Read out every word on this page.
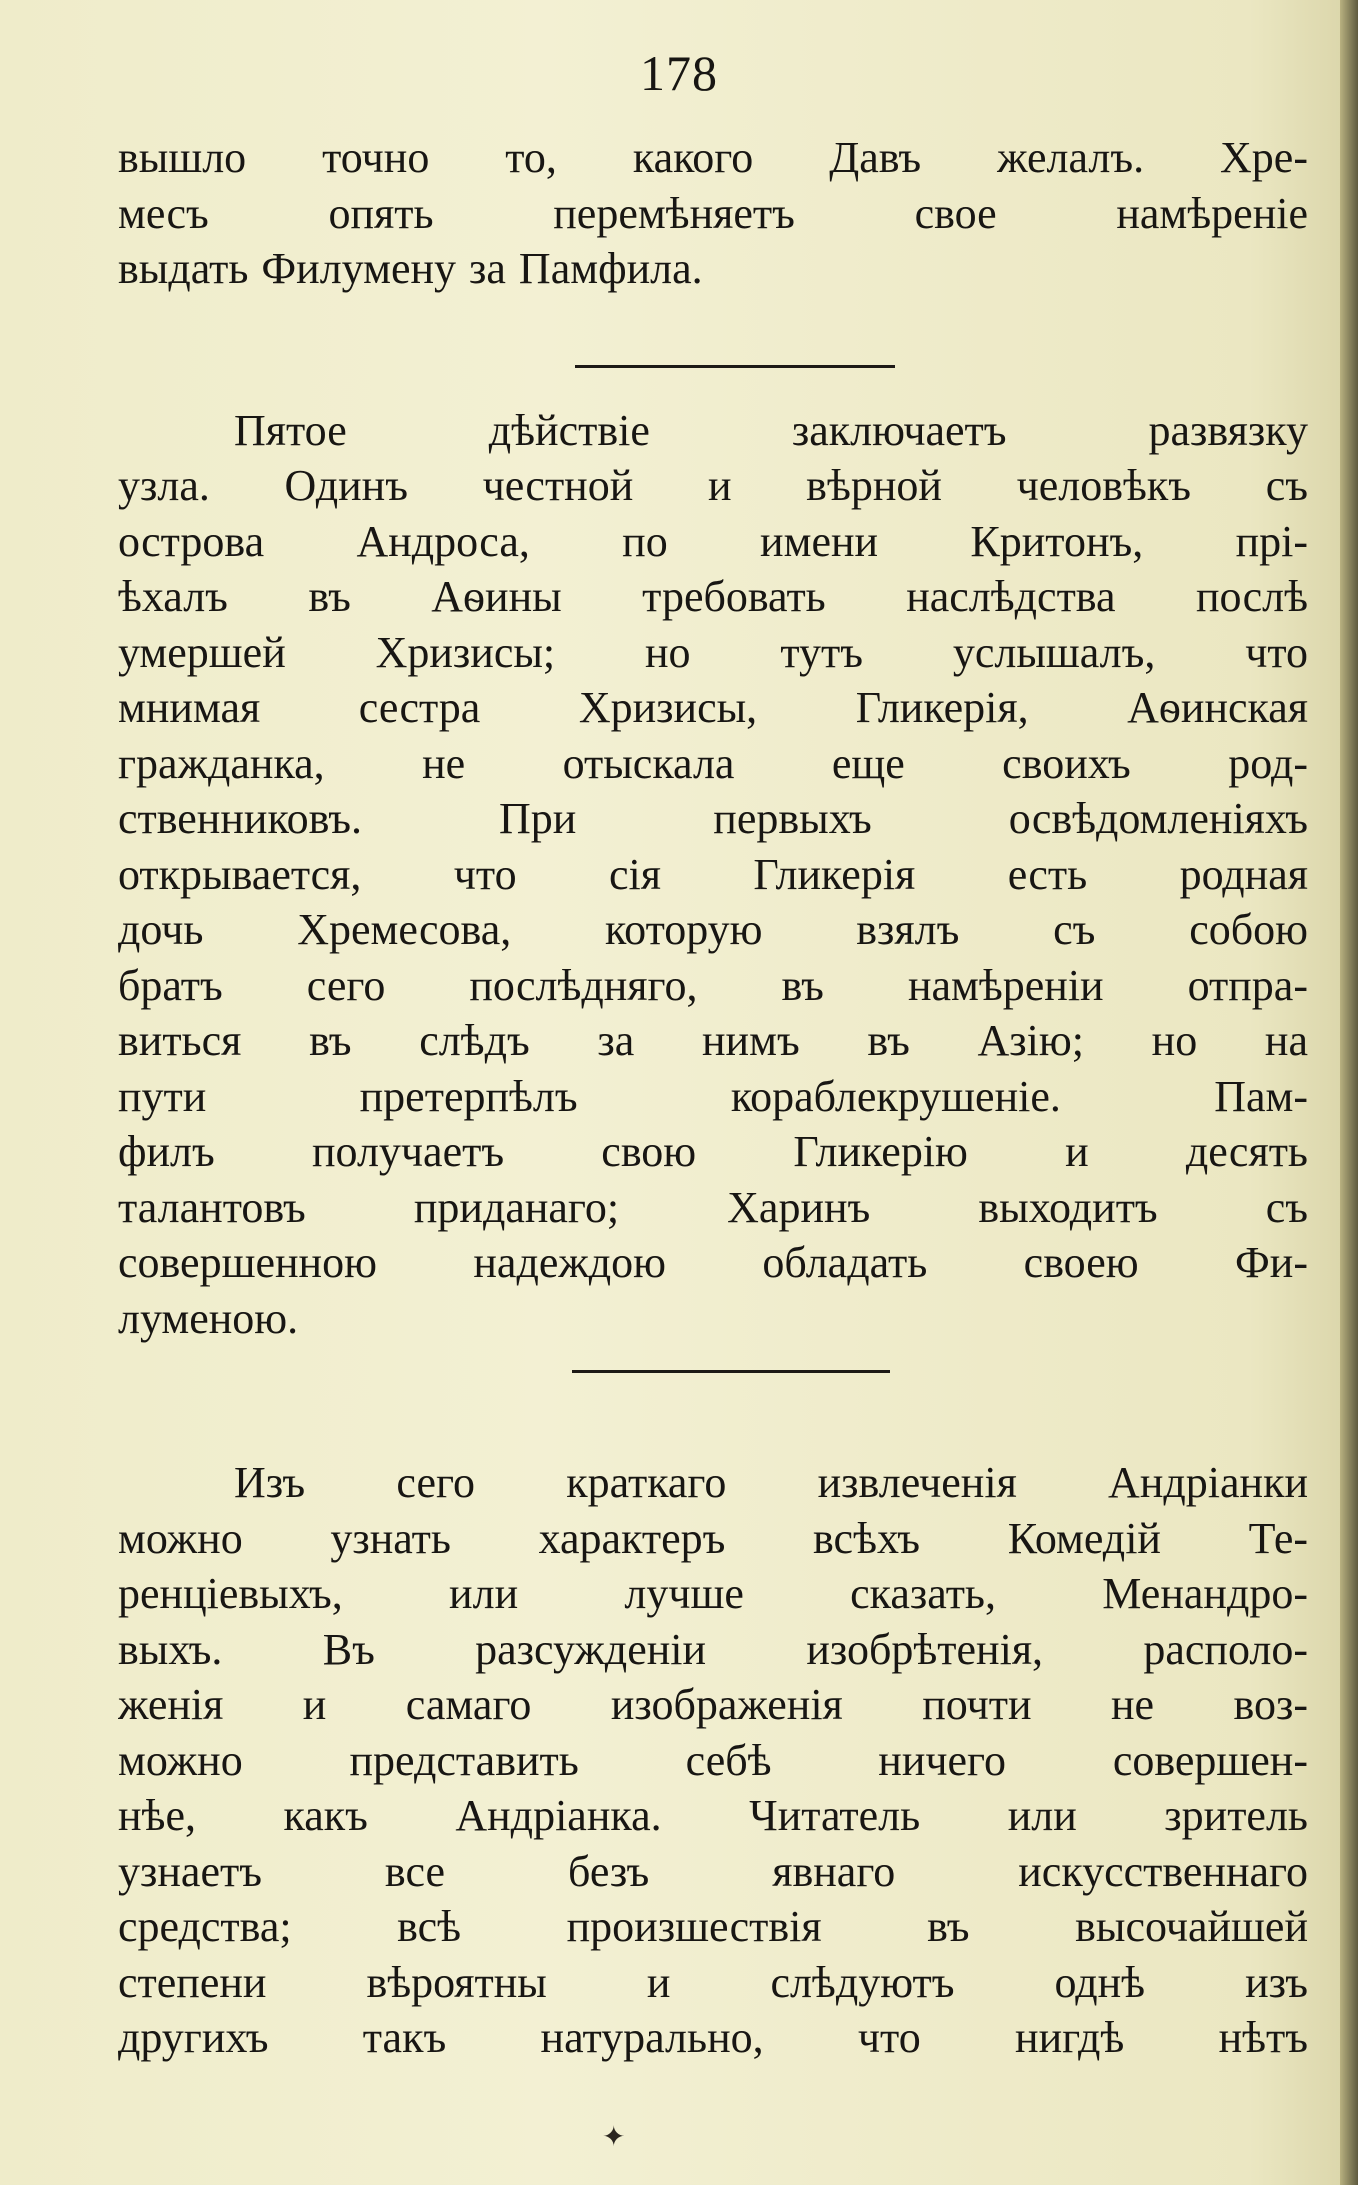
178

вышло точно то, какого Давъ желалъ. Хре-

месъ опять перемѣняетъ свое намѣреніе

выдать Филумену за Памфила.

Пятое дѣйствіе заключаетъ развязку

узла. Одинъ честной и вѣрной человѣкъ съ

острова Андроса, по имени Критонъ, прі-

ѣхалъ въ Аѳины требовать наслѣдства послѣ

умершей Хризисы; но тутъ услышалъ, что

мнимая сестра Хризисы, Гликерія, Аѳинская

гражданка, не отыскала еще своихъ род-

ственниковъ. При первыхъ освѣдомленіяхъ

открывается, что сія Гликерія есть родная

дочь Хремесова, которую взялъ съ собою

братъ сего послѣдняго, въ намѣреніи отпра-

виться въ слѣдъ за нимъ въ Азію; но на

пути претерпѣлъ кораблекрушеніе. Пам-

филъ получаетъ свою Гликерію и десять

талантовъ приданаго; Харинъ выходитъ съ

совершенною надеждою обладать своею Фи-

луменою.

Изъ сего краткаго извлеченія Андріанки

можно узнать характеръ всѣхъ Комедій Те-

ренціевыхъ, или лучше сказать, Менандро-

выхъ. Въ разсужденіи изобрѣтенія, располо-

женія и самаго изображенія почти не воз-

можно представить себѣ ничего совершен-

нѣе, какъ Андріанка. Читатель или зритель

узнаетъ все безъ явнаго искусственнаго

средства; всѣ произшествія въ высочайшей

степени вѣроятны и слѣдуютъ однѣ изъ

другихъ такъ натурально, что нигдѣ нѣтъ

✦
